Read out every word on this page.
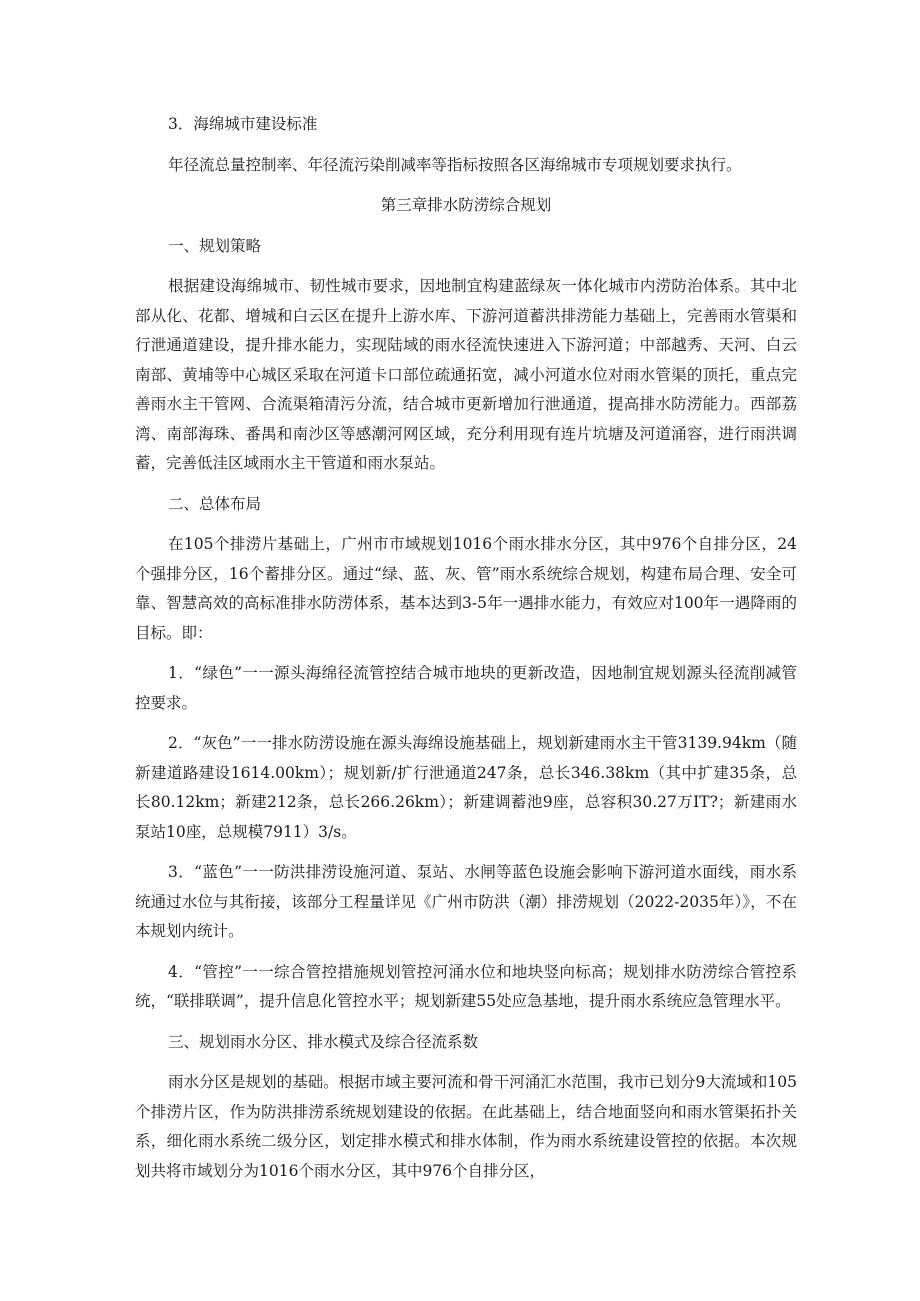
3．海绵城市建设标准

年径流总量控制率、年径流污染削减率等指标按照各区海绵城市专项规划要求执行。

第三章排水防涝综合规划

一、规划策略

根据建设海绵城市、韧性城市要求，因地制宜构建蓝绿灰一体化城市内涝防治体系。其中北部从化、花都、增城和白云区在提升上游水库、下游河道蓄洪排涝能力基础上，完善雨水管渠和行泄通道建设，提升排水能力，实现陆域的雨水径流快速进入下游河道；中部越秀、天河、白云南部、黄埔等中心城区采取在河道卡口部位疏通拓宽，减小河道水位对雨水管渠的顶托，重点完善雨水主干管网、合流渠箱清污分流，结合城市更新增加行泄通道，提高排水防涝能力。西部荔湾、南部海珠、番禺和南沙区等感潮河网区域，充分利用现有连片坑塘及河道涌容，进行雨洪调蓄，完善低洼区域雨水主干管道和雨水泵站。

二、总体布局

在105个排涝片基础上，广州市市域规划1016个雨水排水分区，其中976个自排分区，24个强排分区，16个蓄排分区。通过“绿、蓝、灰、管”雨水系统综合规划，构建布局合理、安全可靠、智慧高效的高标准排水防涝体系，基本达到3-5年一遇排水能力，有效应对100年一遇降雨的目标。即：

1．“绿色”一一源头海绵径流管控结合城市地块的更新改造，因地制宜规划源头径流削减管控要求。

2．“灰色”一一排水防涝设施在源头海绵设施基础上，规划新建雨水主干管3139.94km（随新建道路建设1614.00km）；规划新/扩行泄通道247条，总长346.38km（其中扩建35条，总长80.12km；新建212条，总长266.26km）；新建调蓄池9座，总容积30.27万IT?；新建雨水泵站10座，总规模7911）3/s。

3．“蓝色”一一防洪排涝设施河道、泵站、水闸等蓝色设施会影响下游河道水面线，雨水系统通过水位与其衔接，该部分工程量详见《广州市防洪（潮）排涝规划（2022-2035年）》，不在本规划内统计。

4．“管控”一一综合管控措施规划管控河涌水位和地块竖向标高；规划排水防涝综合管控系统，“联排联调”，提升信息化管控水平；规划新建55处应急基地，提升雨水系统应急管理水平。

三、规划雨水分区、排水模式及综合径流系数

雨水分区是规划的基础。根据市域主要河流和骨干河涌汇水范围，我市已划分9大流域和105个排涝片区，作为防洪排涝系统规划建设的依据。在此基础上，结合地面竖向和雨水管渠拓扑关系，细化雨水系统二级分区，划定排水模式和排水体制，作为雨水系统建设管控的依据。本次规划共将市域划分为1016个雨水分区，其中976个自排分区，
